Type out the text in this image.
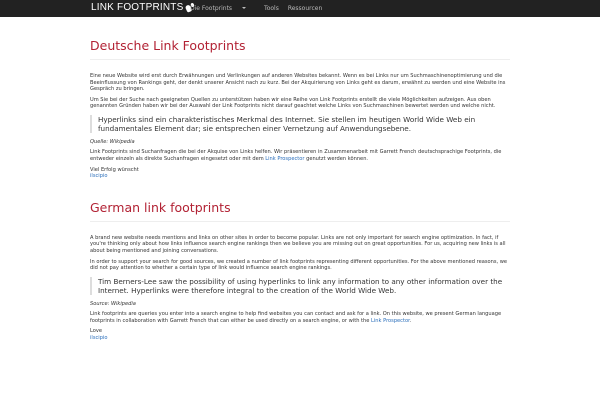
LINK FOOTPRINTS Die Footprints	Tools Ressourcen
Deutsche Link Footprints

Eine neue Website wird erst durch Erwähnungen und Verlinkungen auf anderen Websites bekannt. Wenn es bei Links nur um Suchmaschinenoptimierung und die Beeinflussung von Rankings geht, der denkt unserer Ansicht nach zu kurz. Bei der Akquirierung von Links geht es darum, erwähnt zu werden und eine Website ins Gespräch zu bringen.

Um Sie bei der Suche nach geeigneten Quellen zu unterstützen haben wir eine Reihe von Link Footprints erstellt die viele Möglichkeiten aufzeigen. Aus oben genannten Gründen haben wir bei der Auswahl der Link Footprints nicht darauf geachtet welche Links von Suchmaschinen bewertet werden und welche nicht.

Hyperlinks sind ein charakteristisches Merkmal des Internet. Sie stellen im heutigen World Wide Web ein fundamentales Element dar; sie entsprechen einer Vernetzung auf Anwendungsebene.
Quelle: Wikipedia

Link Footprints sind Suchanfragen die bei der Akquise von Links helfen. Wir präsentieren in Zusammenarbeit mit Garrett French deutschsprachige Footprints, die entweder einzeln als direkte Suchanfragen eingesetzt oder mit dem Link Prospector genutzt werden können.

Viel Erfolg wünscht

ilscipio

German link footprints

A brand new website needs mentions and links on other sites in order to become popular. Links are not only important for search engine optimization. In fact, if you're thinking only about how links influence search engine rankings then we believe you are missing out on great opportunities. For us, acquiring new links is all about being mentioned and joining conversations.

In order to support your search for good sources, we created a number of link footprints representing different opportunities. For the above mentioned reasons, we did not pay attention to whether a certain type of link would influence search engine rankings.

Tim Berners-Lee saw the possibility of using hyperlinks to link any information to any other information over the Internet. Hyperlinks were therefore integral to the creation of the World Wide Web.
Source: Wikipedia

Link footprints are queries you enter into a search engine to help find websites you can contact and ask for a link. On this website, we present German language footprints in collaboration with Garrett French that can either be used directly on a search engine, or with the Link Prospector.

Love

ilscipio
